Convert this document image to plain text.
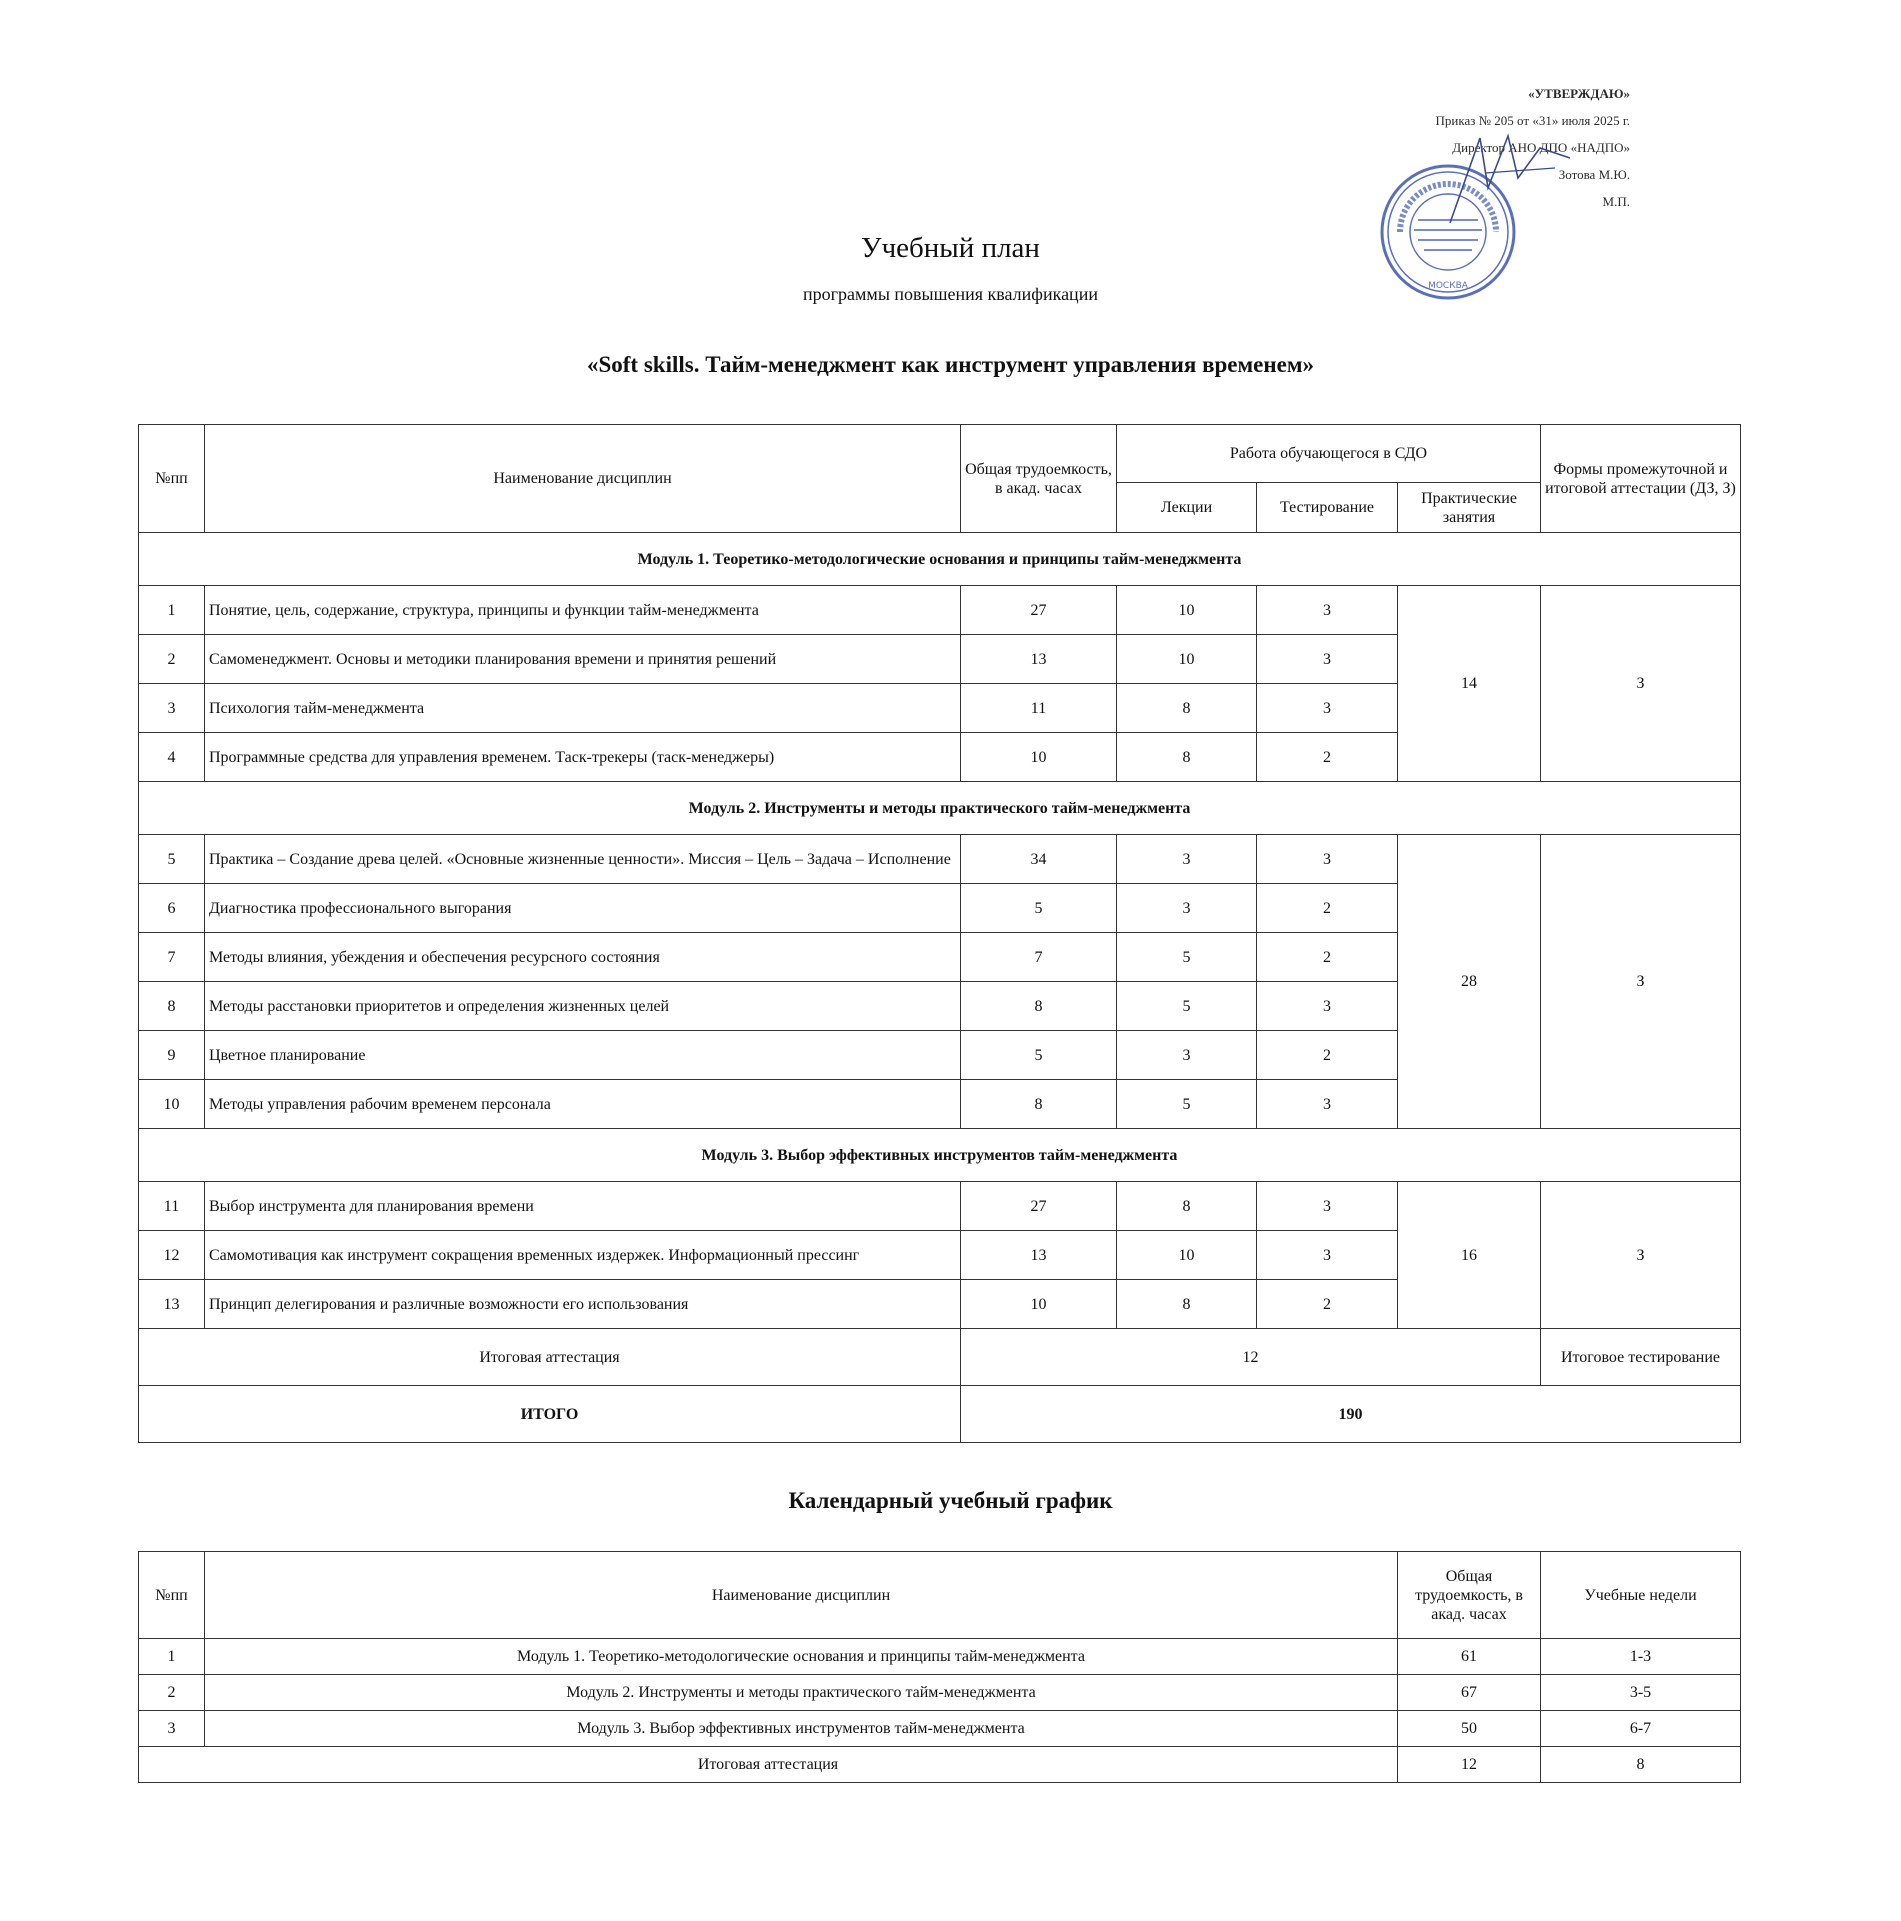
«УТВЕРЖДАЮ»
Приказ № 205 от «31» июля 2025 г.
Директор АНО ДПО «НАДПО»
Зотова М.Ю.
М.П.
МОСКВА
Учебный план
программы повышения квалификации
«Soft skills. Тайм-менеджмент как инструмент управления временем»
№пп	Наименование дисциплин	Общая трудоемкость, в акад. часах	Работа обучающегося в СДО			Формы промежуточной и итоговой аттестации (ДЗ, З)
			Лекции	Тестирование	Практические занятия	
Модуль 1. Теоретико-методологические основания и принципы тайм-менеджмента						
1	Понятие, цель, содержание, структура, принципы и функции тайм-менеджмента	27	10	3	14	З
2	Самоменеджмент. Основы и методики планирования времени и принятия решений	13	10	3		
3	Психология тайм-менеджмента	11	8	3		
4	Программные средства для управления временем. Таск-трекеры (таск-менеджеры)	10	8	2		
Модуль 2. Инструменты и методы практического тайм-менеджмента						
5	Практика – Создание древа целей. «Основные жизненные ценности». Миссия – Цель – Задача – Исполнение	34	3	3	28	З
6	Диагностика профессионального выгорания	5	3	2		
7	Методы влияния, убеждения и обеспечения ресурсного состояния	7	5	2		
8	Методы расстановки приоритетов и определения жизненных целей	8	5	3		
9	Цветное планирование	5	3	2		
10	Методы управления рабочим временем персонала	8	5	3		
Модуль 3. Выбор эффективных инструментов тайм-менеджмента						
11	Выбор инструмента для планирования времени	27	8	3	16	З
12	Самомотивация как инструмент сокращения временных издержек. Информационный прессинг	13	10	3		
13	Принцип делегирования и различные возможности его использования	10	8	2		
Итоговая аттестация		12				Итоговое тестирование
ИТОГО		190				
Календарный учебный график
№пп	Наименование дисциплин	Общая трудоемкость, в акад. часах	Учебные недели
1	Модуль 1. Теоретико-методологические основания и принципы тайм-менеджмента	61	1-3
2	Модуль 2. Инструменты и методы практического тайм-менеджмента	67	3-5
3	Модуль 3. Выбор эффективных инструментов тайм-менеджмента	50	6-7
Итоговая аттестация		12	8
